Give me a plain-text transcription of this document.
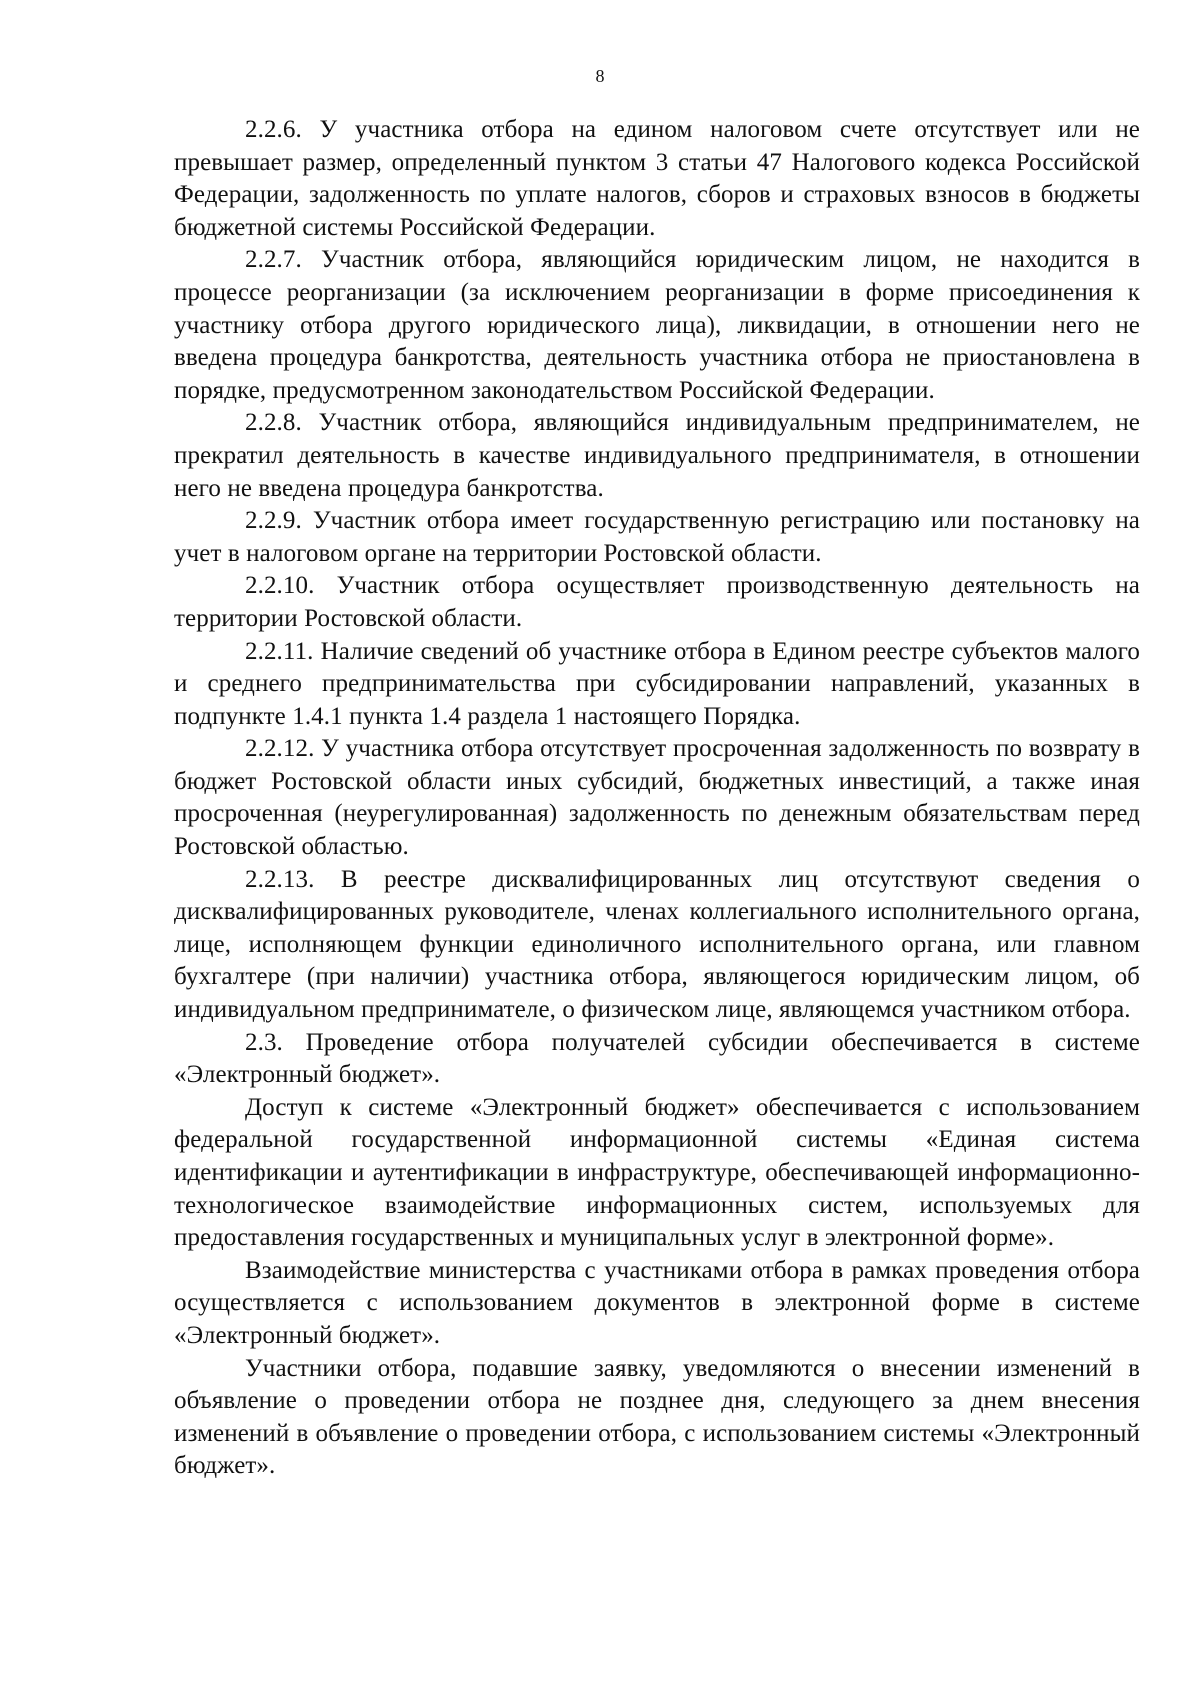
8

2.2.6. У участника отбора на едином налоговом счете отсутствует или не превышает размер, определенный пунктом 3 статьи 47 Налогового кодекса Российской Федерации, задолженность по уплате налогов, сборов и страховых взносов в бюджеты бюджетной системы Российской Федерации.

2.2.7. Участник отбора, являющийся юридическим лицом, не находится в процессе реорганизации (за исключением реорганизации в форме присоединения к участнику отбора другого юридического лица), ликвидации, в отношении него не введена процедура банкротства, деятельность участника отбора не приостановлена в порядке, предусмотренном законодательством Российской Федерации.

2.2.8. Участник отбора, являющийся индивидуальным предпринимателем, не прекратил деятельность в качестве индивидуального предпринимателя, в отношении него не введена процедура банкротства.

2.2.9. Участник отбора имеет государственную регистрацию или постановку на учет в налоговом органе на территории Ростовской области.

2.2.10. Участник отбора осуществляет производственную деятельность на территории Ростовской области.

2.2.11. Наличие сведений об участнике отбора в Едином реестре субъектов малого и среднего предпринимательства при субсидировании направлений, указанных в подпункте 1.4.1 пункта 1.4 раздела 1 настоящего Порядка.

2.2.12. У участника отбора отсутствует просроченная задолженность по возврату в бюджет Ростовской области иных субсидий, бюджетных инвестиций, а также иная просроченная (неурегулированная) задолженность по денежным обязательствам перед Ростовской областью.

2.2.13. В реестре дисквалифицированных лиц отсутствуют сведения о дисквалифицированных руководителе, членах коллегиального исполнительного органа, лице, исполняющем функции единоличного исполнительного органа, или главном бухгалтере (при наличии) участника отбора, являющегося юридическим лицом, об индивидуальном предпринимателе, о физическом лице, являющемся участником отбора.

2.3. Проведение отбора получателей субсидии обеспечивается в системе «Электронный бюджет».

Доступ к системе «Электронный бюджет» обеспечивается с использованием федеральной государственной информационной системы «Единая система идентификации и аутентификации в инфраструктуре, обеспечивающей информационно-технологическое взаимодействие информационных систем, используемых для предоставления государственных и муниципальных услуг в электронной форме».

Взаимодействие министерства с участниками отбора в рамках проведения отбора осуществляется с использованием документов в электронной форме в системе «Электронный бюджет».

Участники отбора, подавшие заявку, уведомляются о внесении изменений в объявление о проведении отбора не позднее дня, следующего за днем внесения изменений в объявление о проведении отбора, с использованием системы «Электронный бюджет».
